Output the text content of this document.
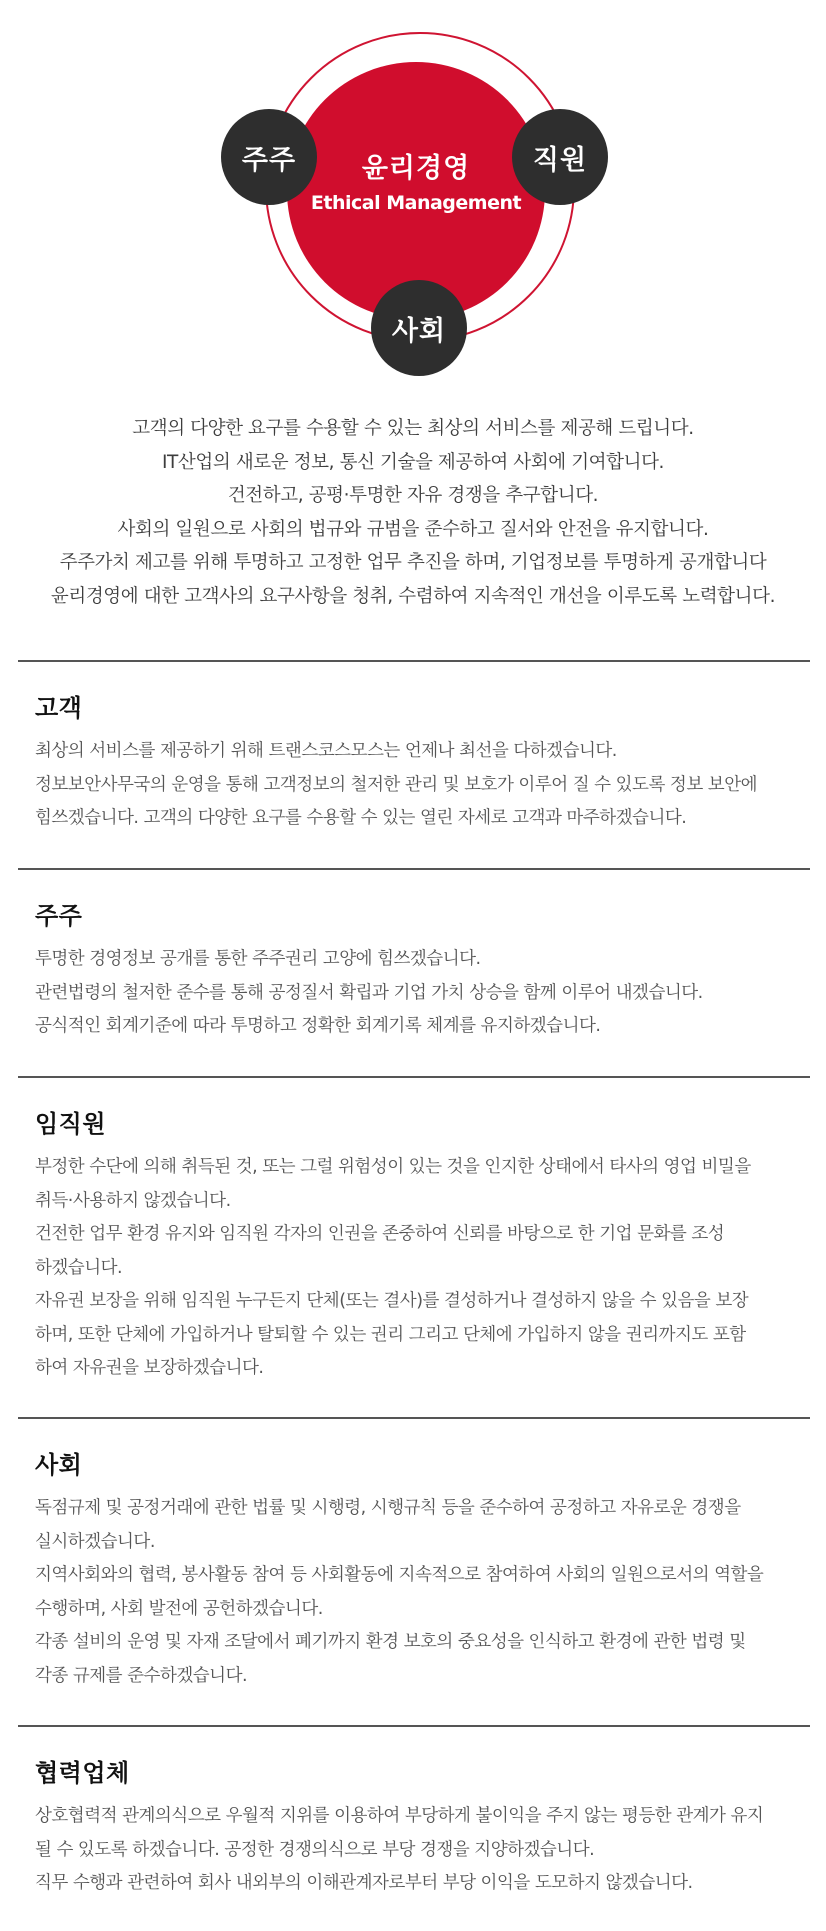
윤리경영
Ethical Management
주주	직원
사회
고객의 다양한 요구를 수용할 수 있는 최상의 서비스를 제공해 드립니다.
IT산업의 새로운 정보, 통신 기술을 제공하여 사회에 기여합니다.
건전하고, 공평·투명한 자유 경쟁을 추구합니다.
사회의 일원으로 사회의 법규와 규범을 준수하고 질서와 안전을 유지합니다.
주주가치 제고를 위해 투명하고 고정한 업무 추진을 하며, 기업정보를 투명하게 공개합니다
윤리경영에 대한 고객사의 요구사항을 청취, 수렴하여 지속적인 개선을 이루도록 노력합니다.
고객
최상의 서비스를 제공하기 위해 트랜스코스모스는 언제나 최선을 다하겠습니다.
정보보안사무국의 운영을 통해 고객정보의 철저한 관리 및 보호가 이루어 질 수 있도록 정보 보안에
힘쓰겠습니다. 고객의 다양한 요구를 수용할 수 있는 열린 자세로 고객과 마주하겠습니다.
주주
투명한 경영정보 공개를 통한 주주권리 고양에 힘쓰겠습니다.
관련법령의 철저한 준수를 통해 공정질서 확립과 기업 가치 상승을 함께 이루어 내겠습니다.
공식적인 회계기준에 따라 투명하고 정확한 회계기록 체계를 유지하겠습니다.
임직원
부정한 수단에 의해 취득된 것, 또는 그럴 위험성이 있는 것을 인지한 상태에서 타사의 영업 비밀을
취득·사용하지 않겠습니다.
건전한 업무 환경 유지와 임직원 각자의 인권을 존중하여 신뢰를 바탕으로 한 기업 문화를 조성
하겠습니다.
자유권 보장을 위해 임직원 누구든지 단체(또는 결사)를 결성하거나 결성하지 않을 수 있음을 보장
하며, 또한 단체에 가입하거나 탈퇴할 수 있는 권리 그리고 단체에 가입하지 않을 권리까지도 포함
하여 자유권을 보장하겠습니다.
사회
독점규제 및 공정거래에 관한 법률 및 시행령, 시행규칙 등을 준수하여 공정하고 자유로운 경쟁을
실시하겠습니다.
지역사회와의 협력, 봉사활동 참여 등 사회활동에 지속적으로 참여하여 사회의 일원으로서의 역할을
수행하며, 사회 발전에 공헌하겠습니다.
각종 설비의 운영 및 자재 조달에서 폐기까지 환경 보호의 중요성을 인식하고 환경에 관한 법령 및
각종 규제를 준수하겠습니다.
협력업체
상호협력적 관계의식으로 우월적 지위를 이용하여 부당하게 불이익을 주지 않는 평등한 관계가 유지
될 수 있도록 하겠습니다. 공정한 경쟁의식으로 부당 경쟁을 지양하겠습니다.
직무 수행과 관련하여 회사 내외부의 이해관계자로부터 부당 이익을 도모하지 않겠습니다.
